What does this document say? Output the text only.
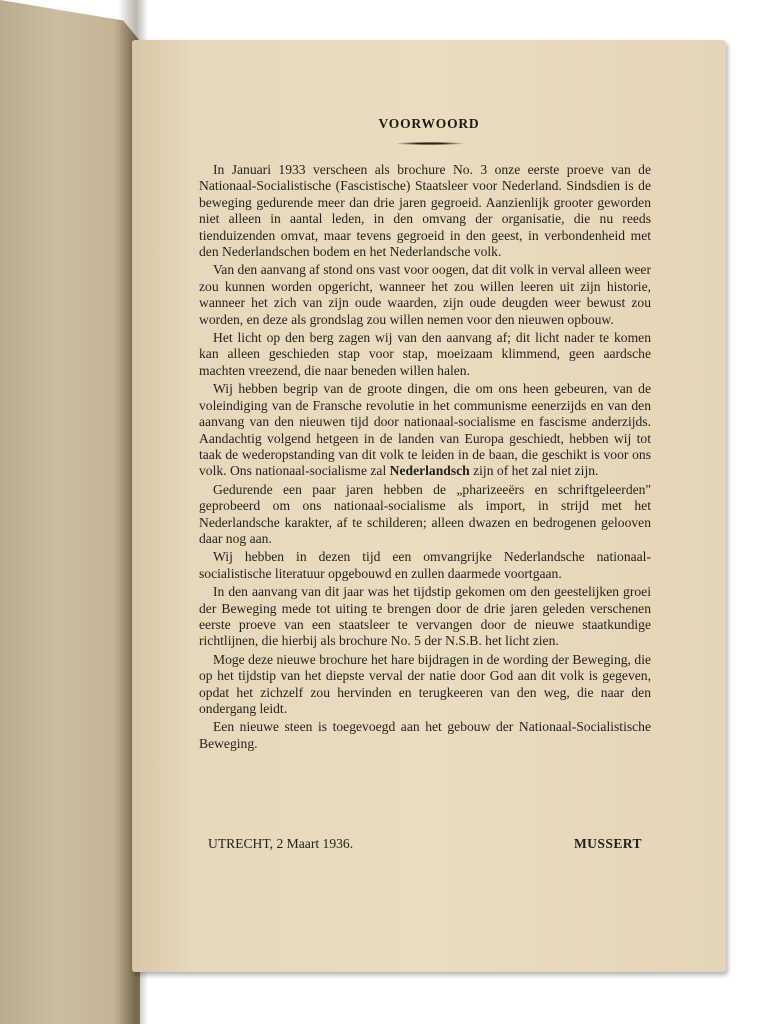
VOORWOORD

In Januari 1933 verscheen als brochure No. 3 onze eerste proeve van de Nationaal-Socialistische (Fascistische) Staatsleer voor Nederland. Sindsdien is de beweging gedurende meer dan drie jaren gegroeid. Aanzienlijk grooter geworden niet alleen in aantal leden, in den omvang der organisatie, die nu reeds tienduizenden omvat, maar tevens gegroeid in den geest, in verbondenheid met den Nederlandschen bodem en het Nederlandsche volk.

Van den aanvang af stond ons vast voor oogen, dat dit volk in verval alleen weer zou kunnen worden opgericht, wanneer het zou willen leeren uit zijn historie, wanneer het zich van zijn oude waarden, zijn oude deugden weer bewust zou worden, en deze als grondslag zou willen nemen voor den nieuwen opbouw.

Het licht op den berg zagen wij van den aanvang af; dit licht nader te komen kan alleen geschieden stap voor stap, moeizaam klimmend, geen aardsche machten vreezend, die naar beneden willen halen.

Wij hebben begrip van de groote dingen, die om ons heen gebeuren, van de voleindiging van de Fransche revolutie in het communisme eenerzijds en van den aanvang van den nieuwen tijd door nationaal-socialisme en fascisme anderzijds. Aandachtig volgend hetgeen in de landen van Europa geschiedt, hebben wij tot taak de wederopstanding van dit volk te leiden in de baan, die geschikt is voor ons volk. Ons nationaal-socialisme zal Nederlandsch zijn of het zal niet zijn.

Gedurende een paar jaren hebben de „pharizeeërs en schriftgeleerden" geprobeerd om ons nationaal-socialisme als import, in strijd met het Nederlandsche karakter, af te schilderen; alleen dwazen en bedrogenen gelooven daar nog aan.

Wij hebben in dezen tijd een omvangrijke Nederlandsche nationaal-socialistische literatuur opgebouwd en zullen daarmede voortgaan.

In den aanvang van dit jaar was het tijdstip gekomen om den geestelijken groei der Beweging mede tot uiting te brengen door de drie jaren geleden verschenen eerste proeve van een staatsleer te vervangen door de nieuwe staatkundige richtlijnen, die hierbij als brochure No. 5 der N.S.B. het licht zien.

Moge deze nieuwe brochure het hare bijdragen in de wording der Beweging, die op het tijdstip van het diepste verval der natie door God aan dit volk is gegeven, opdat het zichzelf zou hervinden en terugkeeren van den weg, die naar den ondergang leidt.

Een nieuwe steen is toegevoegd aan het gebouw der Nationaal-Socialistische Beweging.

UTRECHT, 2 Maart 1936.	MUSSERT
